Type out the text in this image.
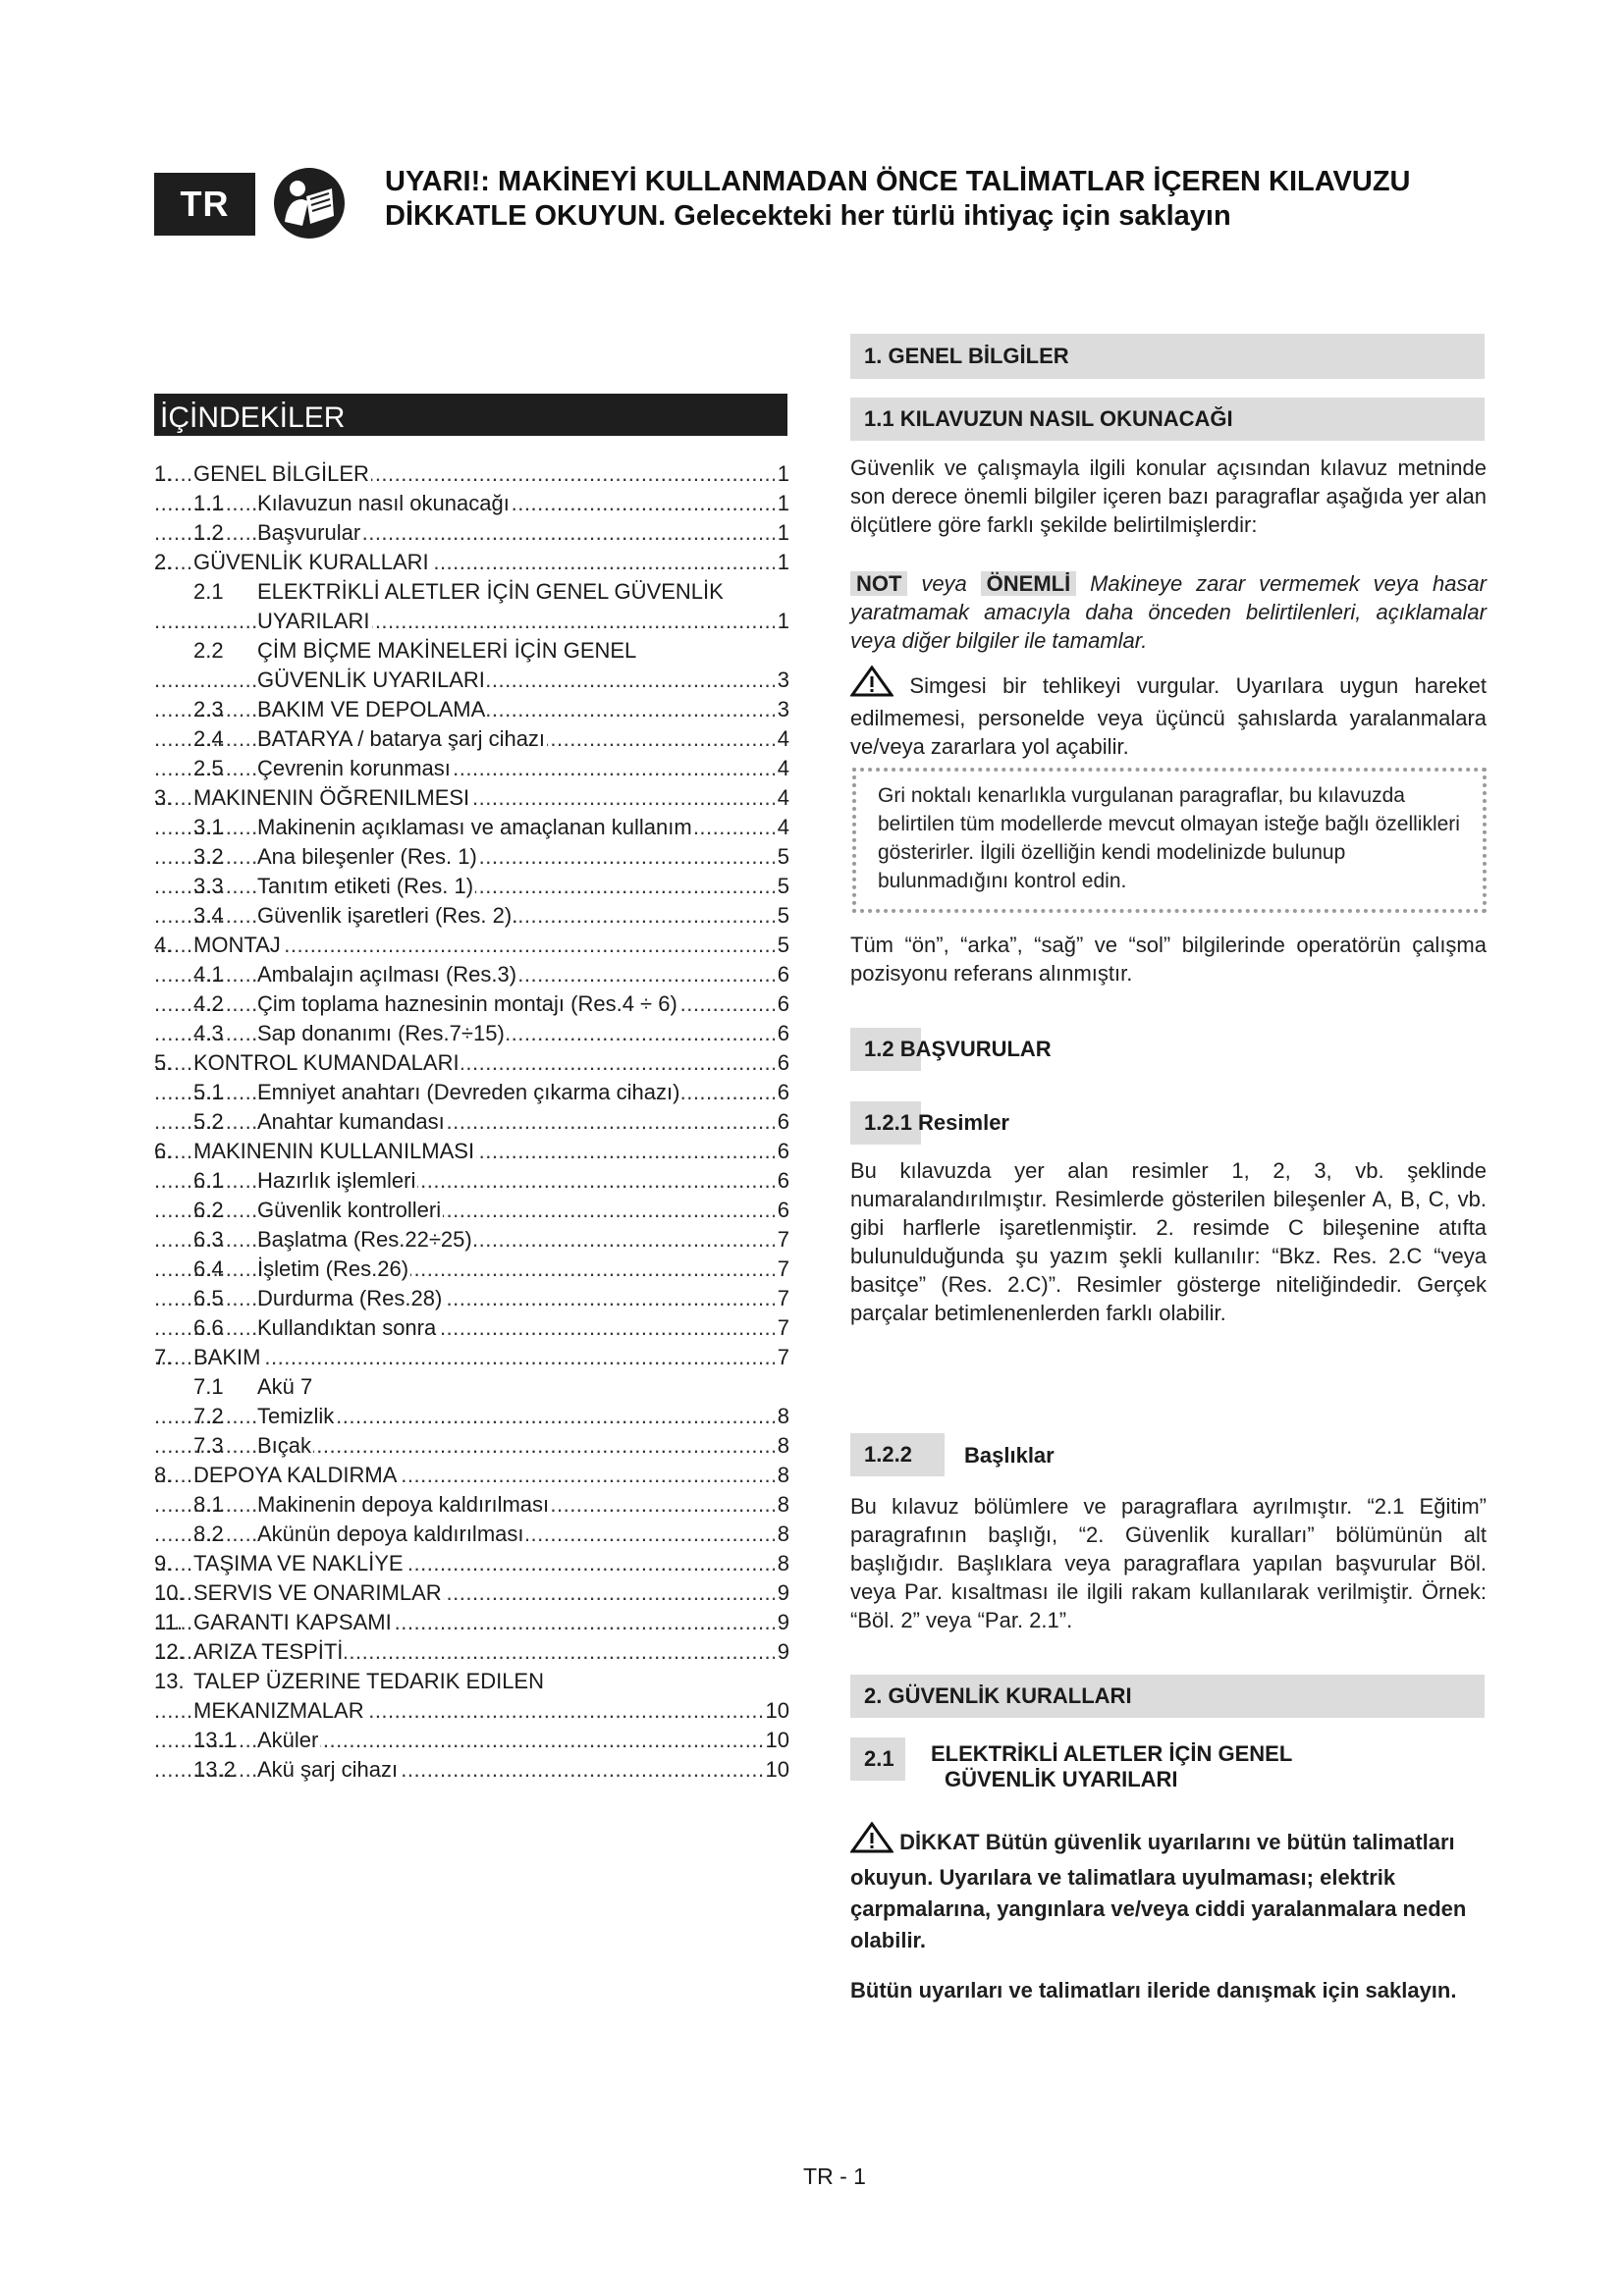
TR
UYARI!: MAKİNEYİ KULLANMADAN ÖNCE TALİMATLAR İÇEREN KILAVUZU
DİKKATLE OKUYUN. Gelecekteki her türlü ihtiyaç için saklayın
İÇİNDEKİLER
.....
1. GENEL BİLGİLER	1
.....
1.1 Kılavuzun nasıl okunacağı	1
.....
1.2 Başvurular	1
.....
2. GÜVENLİK KURALLARI	1
2.1 ELEKTRİKLİ ALETLER İÇİN GENEL GÜVENLİK
.....
UYARILARI	1
2.2 ÇİM BİÇME MAKİNELERİ İÇİN GENEL
.....
GÜVENLİK UYARILARI	3
.....
2.3 BAKIM VE DEPOLAMA	3
.....
2.4 BATARYA / batarya şarj cihazı	4
.....
2.5 Çevrenin korunması	4
.....
3. MAKINENIN ÖĞRENILMESI	4
.....
3.1 Makinenin açıklaması ve amaçlanan kullanım	4
.....
3.2 Ana bileşenler (Res. 1)	5
.....
3.3 Tanıtım etiketi (Res. 1)	5
.....
3.4 Güvenlik işaretleri (Res. 2).	5
.....
4. MONTAJ	5
.....
4.1 Ambalajın açılması (Res.3)	6
.....
4.2 Çim toplama haznesinin montajı (Res.4 ÷ 6)	6
.....
4.3 Sap donanımı (Res.7÷15)	6
.....
5. KONTROL KUMANDALARI	6
.....
5.1 Emniyet anahtarı (Devreden çıkarma cihazı)	6
.....
5.2 Anahtar kumandası	6
.....
6. MAKINENIN KULLANILMASI	6
.....
6.1 Hazırlık işlemleri	6
.....
6.2 Güvenlik kontrolleri	6
.....
6.3 Başlatma (Res.22÷25)	7
.....
6.4 İşletim (Res.26)	7
.....
6.5 Durdurma (Res.28)	7
.....
6.6 Kullandıktan sonra	7
.....
7. BAKIM	7
7.1 Akü 7
.....
7.2 Temizlik	8
.....
7.3 Bıçak	8
.....
8. DEPOYA KALDIRMA	8
.....
8.1 Makinenin depoya kaldırılması	8
.....
8.2 Akünün depoya kaldırılması	8
.....
9. TAŞIMA VE NAKLİYE	8
.....
10. SERVIS VE ONARIMLAR	9
.....
11. GARANTI KAPSAMI	9
.....
12. ARIZA TESPİTİ	9
13. TALEP ÜZERINE TEDARIK EDILEN
.....
MEKANIZMALAR	10
.....
13.1 Aküler	10
.....
13.2 Akü şarj cihazı	10
1. GENEL BİLGİLER
1.1 KILAVUZUN NASIL OKUNACAĞI
Güvenlik ve çalışmayla ilgili konular açısından kılavuz metninde son derece önemli bilgiler içeren bazı paragraflar aşağıda yer alan ölçütlere göre farklı şekilde belirtilmişlerdir:
NOT veya ÖNEMLİ Makineye zarar vermemek veya hasar yaratmamak amacıyla daha önceden belirtilenleri, açıklamalar veya diğer bilgiler ile tamamlar.
Simgesi bir tehlikeyi vurgular. Uyarılara uygun hareket edilmemesi, personelde veya üçüncü şahıslarda yaralanmalara ve/veya zararlara yol açabilir.
Gri noktalı kenarlıkla vurgulanan paragraflar, bu kılavuzda belirtilen tüm modellerde mevcut olmayan isteğe bağlı özellikleri gösterirler. İlgili özelliğin kendi modelinizde bulunup bulunmadığını kontrol edin.
Tüm “ön”, “arka”, “sağ” ve “sol” bilgilerinde operatörün çalışma pozisyonu referans alınmıştır.
1.2 BAŞVURULAR
1.2.1 Resimler
Bu kılavuzda yer alan resimler 1, 2, 3, vb. şeklinde numaralandırılmıştır. Resimlerde gösterilen bileşenler A, B, C, vb. gibi harflerle işaretlenmiştir. 2. resimde C bileşenine atıfta bulunulduğunda şu yazım şekli kullanılır: “Bkz. Res. 2.C “veya basitçe” (Res. 2.C)”. Resimler gösterge niteliğindedir. Gerçek parçalar betimlenenlerden farklı olabilir.
1.2.2	Başlıklar
Bu kılavuz bölümlere ve paragraflara ayrılmıştır. “2.1 Eğitim” paragrafının başlığı, “2. Güvenlik kuralları” bölümünün alt başlığıdır. Başlıklara veya paragraflara yapılan başvurular Böl. veya Par. kısaltması ile ilgili rakam kullanılarak verilmiştir. Örnek: “Böl. 2” veya “Par. 2.1”.
2. GÜVENLİK KURALLARI
2.1	ELEKTRİKLİ ALETLER İÇİN GENEL
GÜVENLİK UYARILARI
DİKKAT Bütün güvenlik uyarılarını ve bütün talimatları okuyun. Uyarılara ve talimatlara uyulmaması; elektrik çarpmalarına, yangınlara ve/veya ciddi yaralanmalara neden olabilir.
Bütün uyarıları ve talimatları ileride danışmak için saklayın.
TR - 1
